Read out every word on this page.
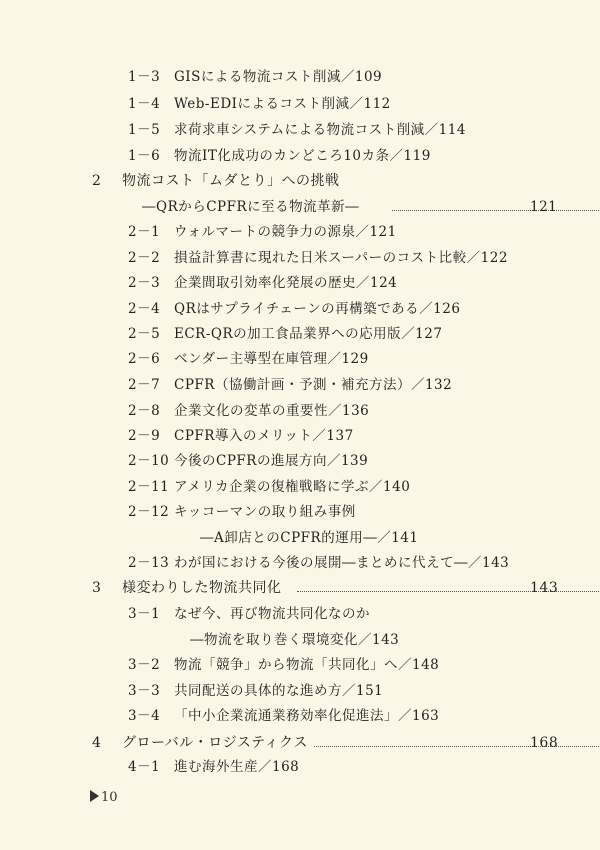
1－3 GISによる物流コスト削減／109
1－4 Web-EDIによるコスト削減／112
1－5 求荷求車システムによる物流コスト削減／114
1－6 物流IT化成功のカンどころ10カ条／119
2 物流コスト「ムダとり」への挑戦
―QRからCPFRに至る物流革新―	121
2－1 ウォルマートの競争力の源泉／121
2－2 損益計算書に現れた日米スーパーのコスト比較／122
2－3 企業間取引効率化発展の歴史／124
2－4 QRはサプライチェーンの再構築である／126
2－5 ECR-QRの加工食品業界への応用版／127
2－6 ベンダー主導型在庫管理／129
2－7 CPFR（協働計画・予測・補充方法）／132
2－8 企業文化の変革の重要性／136
2－9 CPFR導入のメリット／137
2－10 今後のCPFRの進展方向／139
2－11 アメリカ企業の復権戦略に学ぶ／140
2－12 キッコーマンの取り組み事例
―A卸店とのCPFR的運用―／141
2－13 わが国における今後の展開―まとめに代えて―／143
3 様変わりした物流共同化	143
3－1 なぜ今、再び物流共同化なのか
―物流を取り巻く環境変化／143
3－2 物流「競争」から物流「共同化」へ／148
3－3 共同配送の具体的な進め方／151
3－4 「中小企業流通業務効率化促進法」／163
4 グローバル・ロジスティクス	168
4－1 進む海外生産／168
10
